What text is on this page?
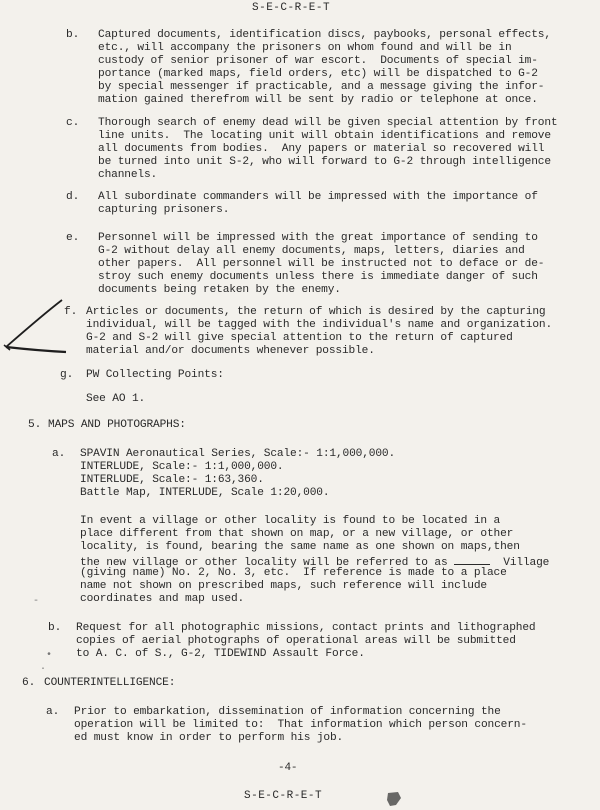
S-E-C-R-E-T
b. Captured documents, identification discs, paybooks, personal effects,
etc., will accompany the prisoners on whom found and will be in
custody of senior prisoner of war escort.  Documents of special im-
portance (marked maps, field orders, etc) will be dispatched to G-2
by special messenger if practicable, and a message giving the infor-
mation gained therefrom will be sent by radio or telephone at once.
c. Thorough search of enemy dead will be given special attention by front
line units.  The locating unit will obtain identifications and remove
all documents from bodies.  Any papers or material so recovered will
be turned into unit S-2, who will forward to G-2 through intelligence
channels.
d. All subordinate commanders will be impressed with the importance of
capturing prisoners.
e. Personnel will be impressed with the great importance of sending to
G-2 without delay all enemy documents, maps, letters, diaries and
other papers.  All personnel will be instructed not to deface or de-
stroy such enemy documents unless there is immediate danger of such
documents being retaken by the enemy.
f. Articles or documents, the return of which is desired by the capturing
individual, will be tagged with the individual's name and organization.
G-2 and S-2 will give special attention to the return of captured
material and/or documents whenever possible.
g. PW Collecting Points:
See AO 1.
5. MAPS AND PHOTOGRAPHS:
a. SPAVIN Aeronautical Series, Scale:- 1:1,000,000.
INTERLUDE, Scale:- 1:1,000,000.
INTERLUDE, Scale:- 1:63,360.
Battle Map, INTERLUDE, Scale 1:20,000.
In event a village or other locality is found to be located in a
place different from that shown on map, or a new village, or other
locality, is found, bearing the same name as one shown on maps,then
the new village or other locality will be referred to as	Village
(giving name) No. 2, No. 3, etc.  If reference is made to a place
name not shown on prescribed maps, such reference will include
coordinates and map used.
-
b. Request for all photographic missions, contact prints and lithographed
copies of aerial photographs of operational areas will be submitted
to A. C. of S., G-2, TIDEWIND Assault Force.
•
·
6. COUNTERINTELLIGENCE:
a. Prior to embarkation, dissemination of information concerning the
operation will be limited to:  That information which person concern-
ed must know in order to perform his job.
-4-
S-E-C-R-E-T
